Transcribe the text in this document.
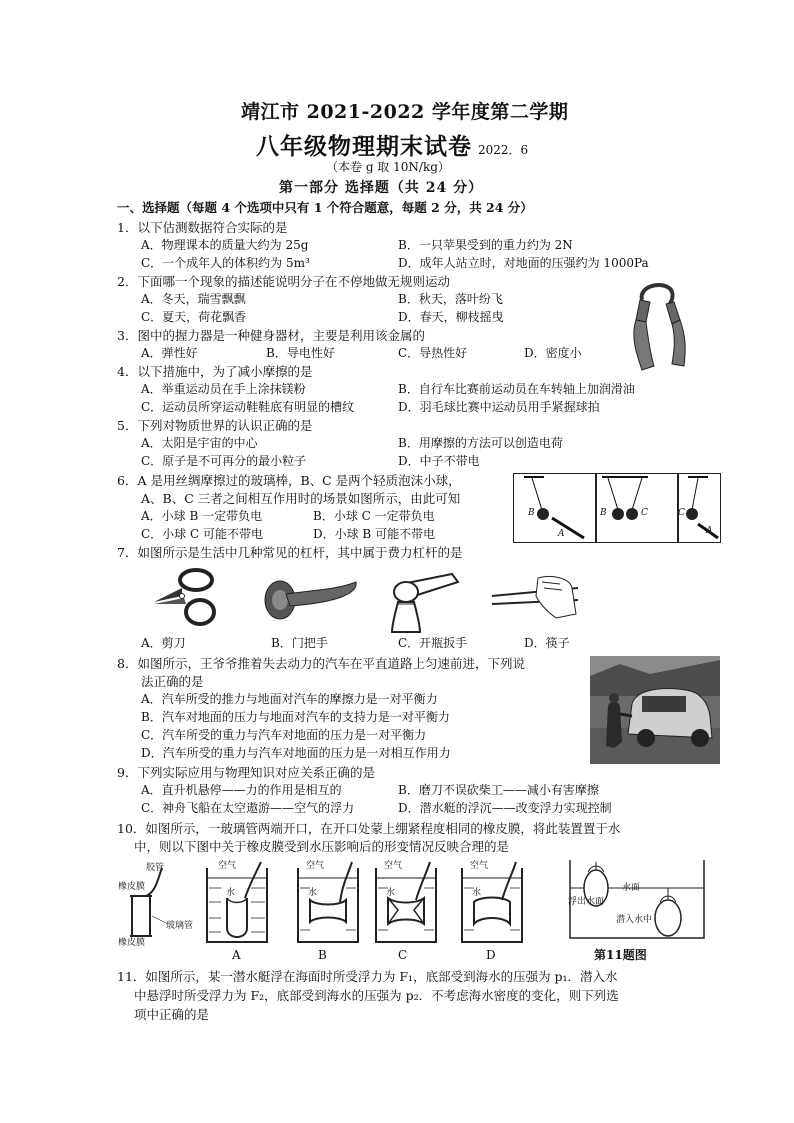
靖江市 2021-2022 学年度第二学期
八年级物理期末试卷 2022．6
（本卷 g 取 10N/kg）
第一部分 选择题（共 24 分）
一、选择题（每题 4 个选项中只有 1 个符合题意，每题 2 分，共 24 分）
1．以下估测数据符合实际的是
A．物理课本的质量大约为 25g	B．一只苹果受到的重力约为 2N
C．一个成年人的体积约为 5m³	D．成年人站立时，对地面的压强约为 1000Pa
2．下面哪一个现象的描述能说明分子在不停地做无规则运动
A．冬天，瑞雪飘飘	B．秋天，落叶纷飞
C．夏天，荷花飘香	D．春天，柳枝摇曳
3．图中的握力器是一种健身器材，主要是利用该金属的
A．弹性好	B．导电性好	C．导热性好	D．密度小
4．以下措施中，为了减小摩擦的是
A．举重运动员在手上涂抹镁粉	B．自行车比赛前运动员在车转轴上加润滑油
C．运动员所穿运动鞋鞋底有明显的槽纹	D．羽毛球比赛中运动员用手紧握球拍
5．下列对物质世界的认识正确的是
A．太阳是宇宙的中心	B．用摩擦的方法可以创造电荷
C．原子是不可再分的最小粒子	D．中子不带电
6．A 是用丝绸摩擦过的玻璃棒，B、C 是两个轻质泡沫小球，
A、B、C 三者之间相互作用时的场景如图所示，由此可知
A．小球 B 一定带负电	B．小球 C 一定带负电
C．小球 C 可能不带电	D．小球 B 可能不带电
B
A
B	C	C
A
7．如图所示是生活中几种常见的杠杆，其中属于费力杠杆的是
A．剪刀	B．门把手	C．开瓶扳手	D．筷子
8．如图所示，王爷爷推着失去动力的汽车在平直道路上匀速前进，下列说
法正确的是
A．汽车所受的推力与地面对汽车的摩擦力是一对平衡力
B．汽车对地面的压力与地面对汽车的支持力是一对平衡力
C．汽车所受的重力与汽车对地面的压力是一对平衡力
D．汽车所受的重力与汽车对地面的压力是一对相互作用力
9．下列实际应用与物理知识对应关系正确的是
A．直升机悬停——力的作用是相互的	B．磨刀不误砍柴工——减小有害摩擦
C．神舟飞船在太空遨游——空气的浮力	D．潜水艇的浮沉——改变浮力实现控制
10．如图所示，一玻璃管两端开口，在开口处蒙上绷紧程度相同的橡皮膜，将此装置置于水
中，则以下图中关于橡皮膜受到水压影响后的形变情况反映合理的是
胶管
橡皮膜
玻璃管
橡皮膜
空气
水
空气
水
空气
水
空气
水
A	B	C	D
浮出水面
水面
潜入水中
第11题图
11．如图所示，某一潜水艇浮在海面时所受浮力为 F₁，底部受到海水的压强为 p₁．潜入水
中悬浮时所受浮力为 F₂，底部受到海水的压强为 p₂．不考虑海水密度的变化，则下列选
项中正确的是
